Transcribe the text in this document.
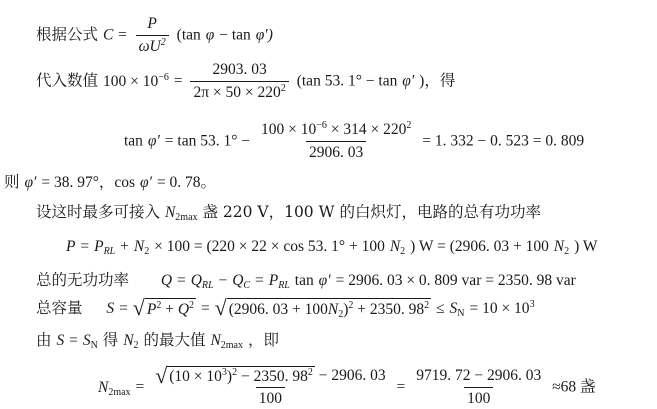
根据公式 $C = \frac{P}{\omega U^2} (\tan$ φ − tan φ′)
代入数值 $100 \times 10^{-6} = \frac{2903. 03}{2\pi \times 50 \times 220^2} (\tan$ 53. 1° − tan φ′ )，得
tan φ′ = tan 53. $1^\circ - \frac{100 \times 10^{-6} \times 314 \times 220^2}{2906. 03} = 1$. 332 − 0. 523 = 0. 809
则 φ′ = 38. 97°，cos φ′ = 0. 78。
设这时最多可接入 $N_{2max}$ 盏 220 V，100 W 的白炽灯，电路的总有功功率
$P = P_{RL} + N_2 \times 100 = (220 \times 22 \times \cos 53$. 1° + 100 $N_2$ ) W = (2906. 03 + 100 $N_2$ ) W
总的无功功率 $Q = Q_{RL} - Q_C = P_{RL}$ tan φ′ = 2906. 03 × 0. 809 var = 2350. 98 var
总容量 S = √ $P^2 + Q^2$ = √ (2906. $03 + 100N_2)^2 + 2350$. $98^2 \le S_N = 10 \times 10^3$
由 $S = S_N$ 得 $N_2$ 的最大值 $N_{2max}$ ，即
$N_{2max} = \frac{√ (10 \times 10^3)^2 - 2350. 98^2 - 2906. 03}{100} = \frac{9719. 72 - 2906. 03}{100} \approx 68$ 盏
